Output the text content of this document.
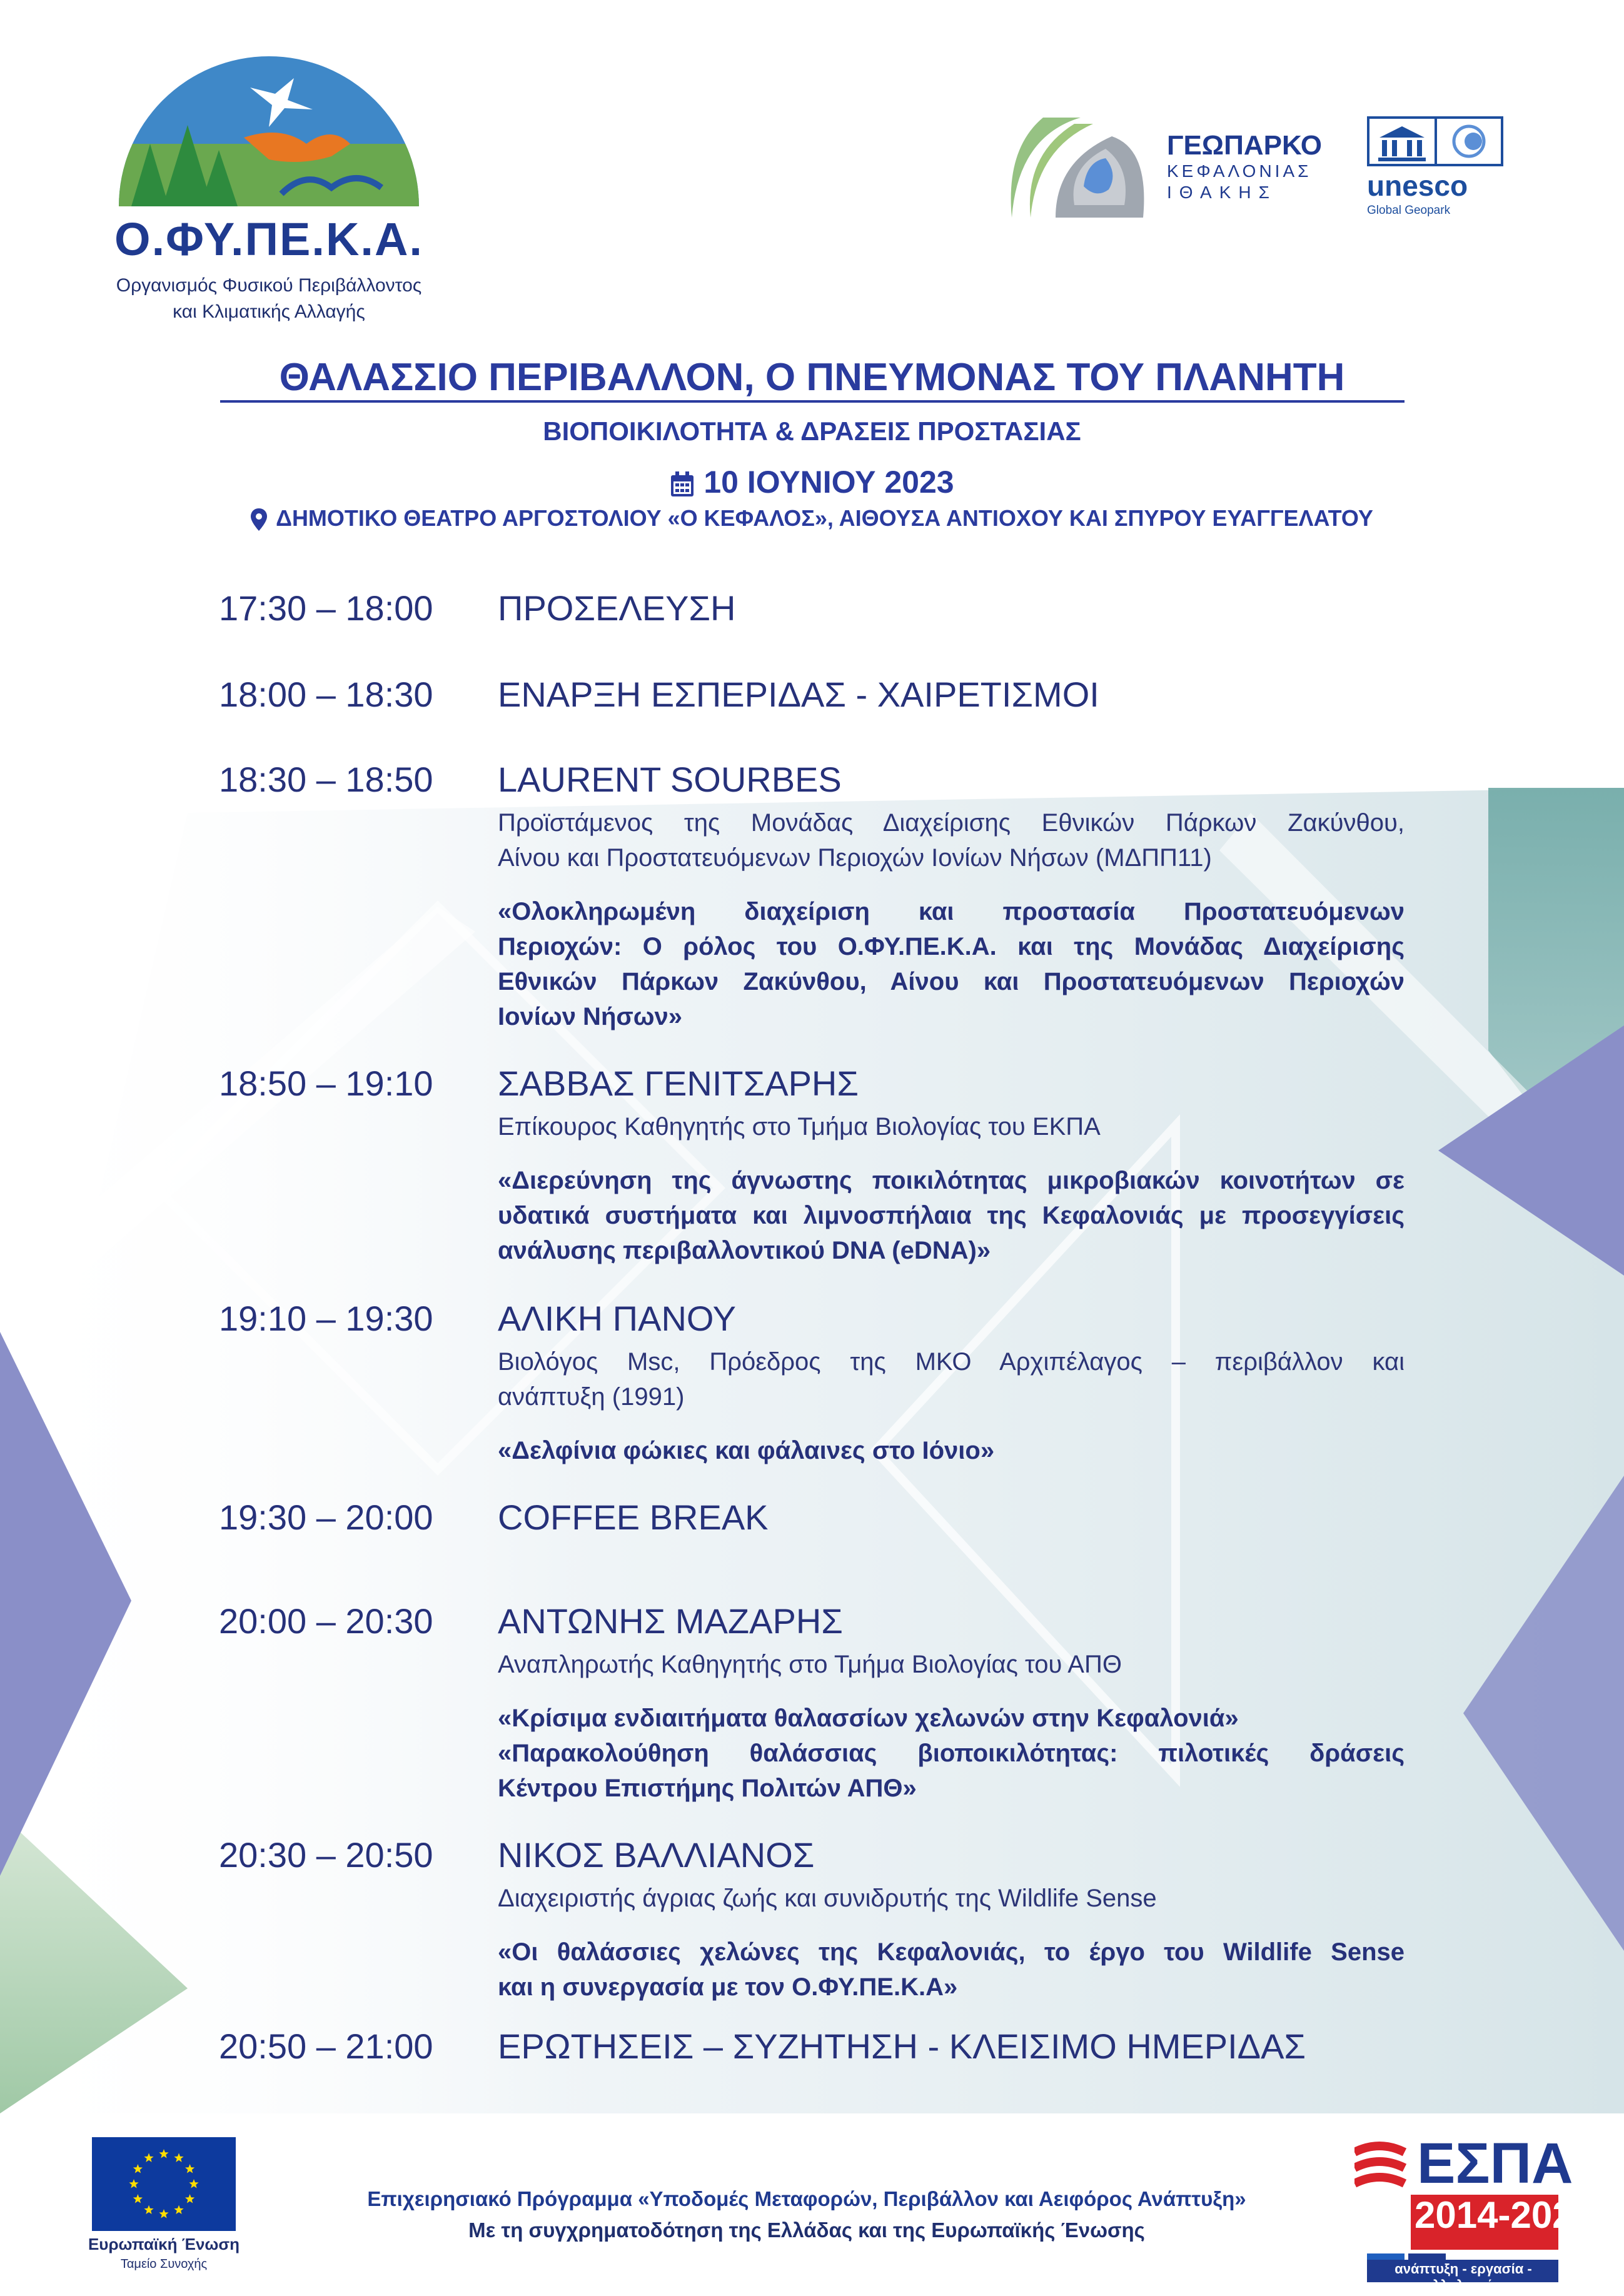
Ο.ΦΥ.ΠΕ.Κ.Α.
Οργανισμός Φυσικού Περιβάλλοντος
και Κλιματικής Αλλαγής
ΓΕΩΠΑΡΚΟ
ΚΕΦΑΛΟΝΙΑΣ
ΙΘΑΚΗΣ	unesco
Global Geopark
ΘΑΛΑΣΣΙΟ ΠΕΡΙΒΑΛΛΟΝ, Ο ΠΝΕΥΜΟΝΑΣ ΤΟΥ ΠΛΑΝΗΤΗ
ΒΙΟΠΟΙΚΙΛΟΤΗΤΑ & ΔΡΑΣΕΙΣ ΠΡΟΣΤΑΣΙΑΣ
10 ΙΟΥΝΙΟΥ 2023
ΔΗΜΟΤΙΚΟ ΘΕΑΤΡΟ ΑΡΓΟΣΤΟΛΙΟΥ «Ο ΚΕΦΑΛΟΣ», ΑΙΘΟΥΣΑ ΑΝΤΙΟΧΟΥ ΚΑΙ ΣΠΥΡΟΥ ΕΥΑΓΓΕΛΑΤΟΥ
17:30 – 18:00 ΠΡΟΣΕΛΕΥΣΗ
18:00 – 18:30 ΕΝΑΡΞΗ ΕΣΠΕΡΙΔΑΣ - ΧΑΙΡΕΤΙΣΜΟΙ
18:30 – 18:50 LAURENT SOURBES
Προϊστάμενος της Μονάδας Διαχείρισης Εθνικών Πάρκων Ζακύνθου,
Αίνου και Προστατευόμενων Περιοχών Ιονίων Νήσων (ΜΔΠΠ11)
«Ολοκληρωμένη διαχείριση και προστασία Προστατευόμενων
Περιοχών: Ο ρόλος του Ο.ΦΥ.ΠΕ.Κ.Α. και της Μονάδας Διαχείρισης
Εθνικών Πάρκων Ζακύνθου, Αίνου και Προστατευόμενων Περιοχών
Ιονίων Νήσων»
18:50 – 19:10 ΣΑΒΒΑΣ ΓΕΝΙΤΣΑΡΗΣ
Επίκουρος Καθηγητής στο Τμήμα Βιολογίας του ΕΚΠΑ
«Διερεύνηση της άγνωστης ποικιλότητας μικροβιακών κοινοτήτων σε
υδατικά συστήματα και λιμνοσπήλαια της Κεφαλονιάς με προσεγγίσεις
ανάλυσης περιβαλλοντικού DNA (eDNA)»
19:10 – 19:30 ΑΛΙΚΗ ΠΑΝΟΥ
Βιολόγος Msc, Πρόεδρος της ΜΚΟ Αρχιπέλαγος – περιβάλλον και
ανάπτυξη (1991)
«Δελφίνια φώκιες και φάλαινες στο Ιόνιο»
19:30 – 20:00 COFFEE BREAK
20:00 – 20:30 ΑΝΤΩΝΗΣ ΜΑΖΑΡΗΣ
Αναπληρωτής Καθηγητής στο Τμήμα Βιολογίας του ΑΠΘ
«Κρίσιμα ενδιαιτήματα θαλασσίων χελωνών στην Κεφαλονιά»
«Παρακολούθηση θαλάσσιας βιοποικιλότητας: πιλοτικές δράσεις
Κέντρου Επιστήμης Πολιτών ΑΠΘ»
20:30 – 20:50 ΝΙΚΟΣ ΒΑΛΛΙΑΝΟΣ
Διαχειριστής άγριας ζωής και συνιδρυτής της Wildlife Sense
«Οι θαλάσσιες χελώνες της Κεφαλονιάς, το έργο του Wildlife Sense
και η συνεργασία με τον Ο.ΦΥ.ΠΕ.Κ.Α»
20:50 – 21:00 ΕΡΩΤΗΣΕΙΣ – ΣΥΖΗΤΗΣΗ - ΚΛΕΙΣΙΜΟ ΗΜΕΡΙΔΑΣ
Ευρωπαϊκή Ένωση
Ταμείο Συνοχής
Επιχειρησιακό Πρόγραμμα «Υποδομές Μεταφορών, Περιβάλλον και Αειφόρος Ανάπτυξη»
Με τη συγχρηματοδότηση της Ελλάδας και της Ευρωπαϊκής Ένωσης
ΕΣΠΑ
2014-2020
ανάπτυξη - εργασία - αλληλεγγύη
